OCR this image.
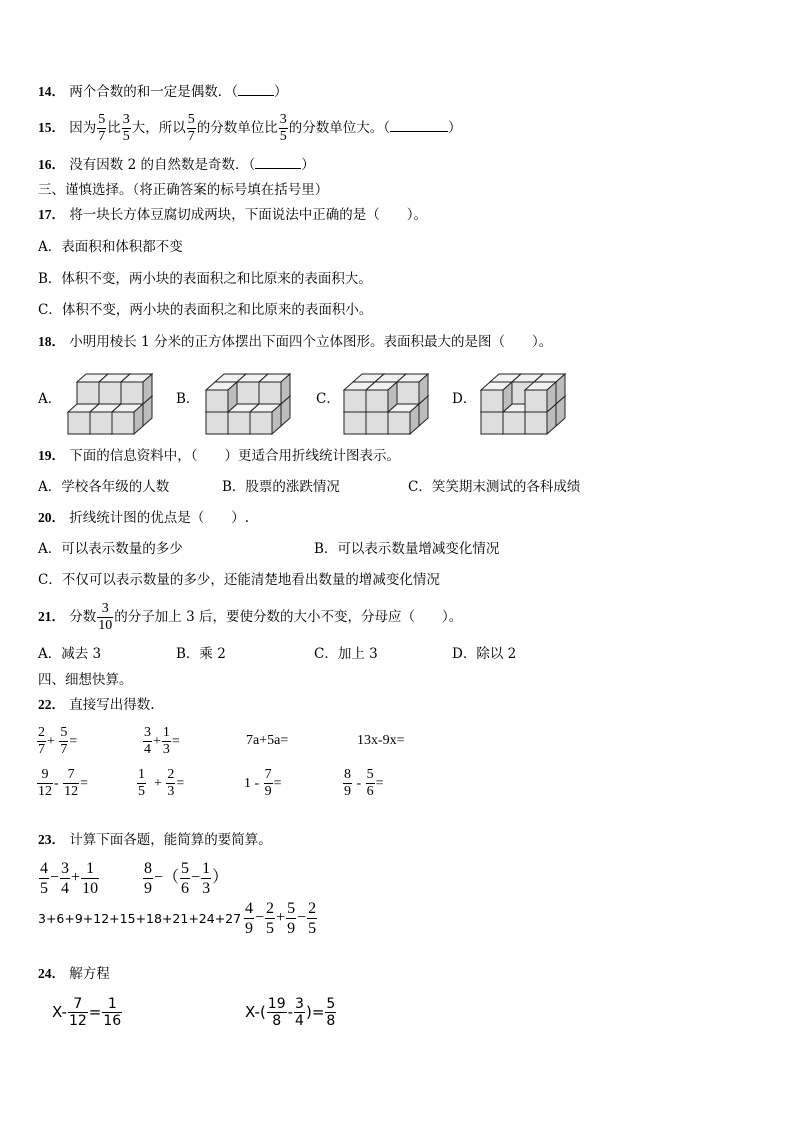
14． 两个合数的和一定是偶数．（	）
15． 因为 $\frac{5}{7}$ 比 $\frac{3}{5}$ 大，所以 $\frac{5}{7}$ 的分数单位比 $\frac{3}{5}$ 的分数单位大。（	）
16． 没有因数 2 的自然数是奇数．（	）
三、谨慎选择。（将正确答案的标号填在括号里）
17． 将一块长方体豆腐切成两块，下面说法中正确的是（　　）。
A．表面积和体积都不变
B．体积不变，两小块的表面积之和比原来的表面积大。
C．体积不变，两小块的表面积之和比原来的表面积小。
18． 小明用棱长 1 分米的正方体摆出下面四个立体图形。表面积最大的是图（　　）。
A．	B．	C．	D．
19． 下面的信息资料中，（　　）更适合用折线统计图表示。
A．学校各年级的人数	B．股票的涨跌情况	C．笑笑期末测试的各科成绩
20． 折线统计图的优点是（　　）.
A．可以表示数量的多少	B．可以表示数量增减变化情况
C．不仅可以表示数量的多少，还能清楚地看出数量的增减变化情况
21． 分数 $\frac{3}{10}$ 的分子加上 3 后，要使分数的大小不变，分母应（　　）。
A．减去 3	B．乘 2	C．加上 3	D．除以 2
四、细想快算。
22． 直接写出得数.
$\frac{2}{7} + \frac{5}{7}$ =	$\frac{3}{4} + \frac{1}{3}$ =	7a+5a=	13x-9x=
$\frac{9}{12} - \frac{7}{12}$ =	$\frac{1}{5} + \frac{2}{3}$ =	$1 - \frac{7}{9}$ =	$\frac{8}{9} - \frac{5}{6}$ =
23． 计算下面各题，能简算的要简算。
$\frac{4}{5} - \frac{3}{4} + \frac{1}{10}$	$\frac{8}{9}$ −（ $\frac{5}{6} - \frac{1}{3}$ ）
$3+6+9+12+15+18+21+24+27 \frac{4}{9} - \frac{2}{5} + \frac{5}{9} - \frac{2}{5}$
24． 解方程
$X- \frac{7}{12} = \frac{1}{16}$	$X-( \frac{19}{8} - \frac{3}{4}$ )= $\frac{5}{8}$
